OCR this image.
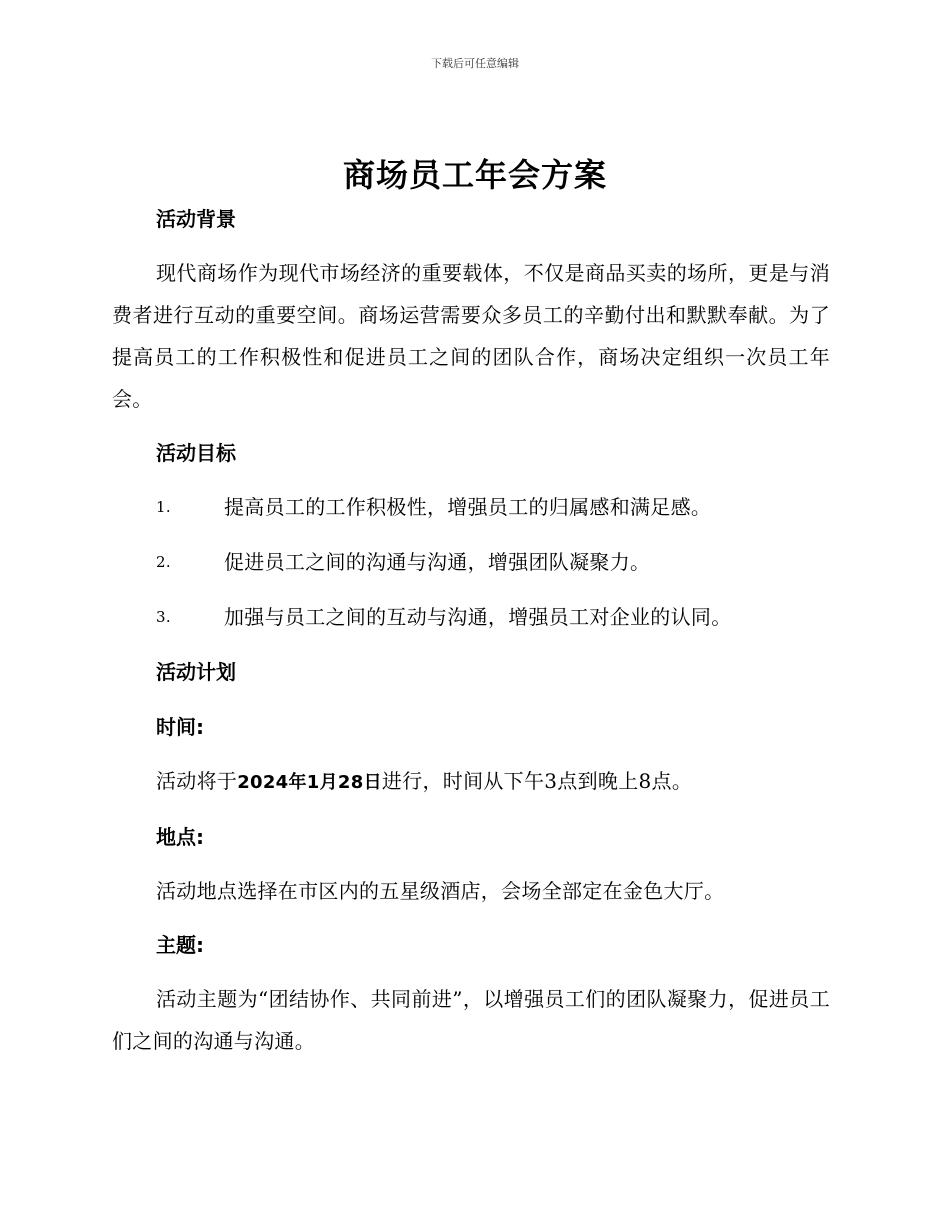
下载后可任意编辑
商场员工年会方案
活动背景

现代商场作为现代市场经济的重要载体，不仅是商品买卖的场所，更是与消费者进行互动的重要空间。商场运营需要众多员工的辛勤付出和默默奉献。为了提高员工的工作积极性和促进员工之间的团队合作，商场决定组织一次员工年会。

活动目标
1.	提高员工的工作积极性，增强员工的归属感和满足感。
2.	促进员工之间的沟通与沟通，增强团队凝聚力。
3.	加强与员工之间的互动与沟通，增强员工对企业的认同。
活动计划
时间:

活动将于2024年1月28日进行，时间从下午3点到晚上8点。

地点:

活动地点选择在市区内的五星级酒店，会场全部定在金色大厅。

主题:

活动主题为“团结协作、共同前进”，以增强员工们的团队凝聚力，促进员工们之间的沟通与沟通。
